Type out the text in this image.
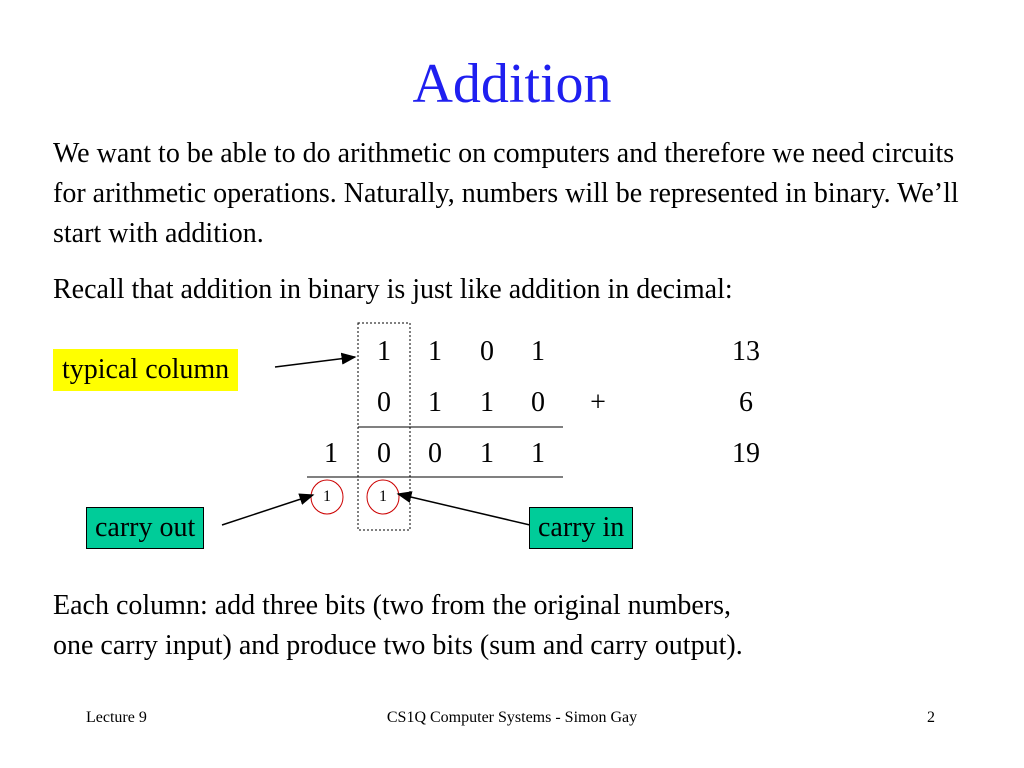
Addition
We want to be able to do arithmetic on computers and therefore we need circuits for arithmetic operations. Naturally, numbers will be represented in binary. We’ll start with addition.
Recall that addition in binary is just like addition in decimal:
1 1 0 1	13
0 1 1 0 +	6
1 0 0 1 1	19
1	1
typical column
carry out	carry in
Each column: add three bits (two from the original numbers,
one carry input) and produce two bits (sum and carry output).
Lecture 9	CS1Q Computer Systems - Simon Gay	2
